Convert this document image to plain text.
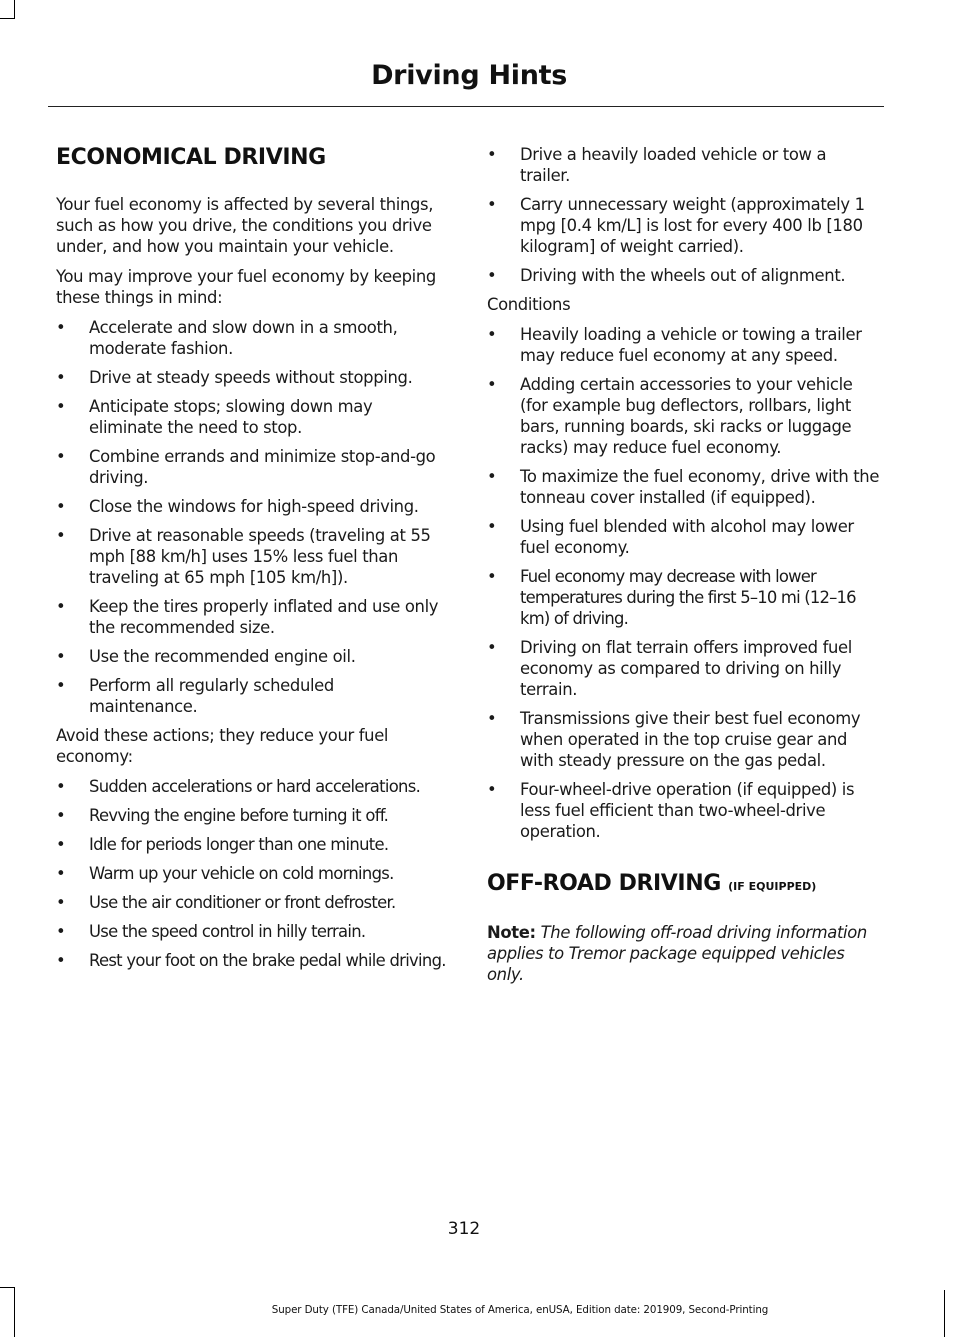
Driving Hints
ECONOMICAL DRIVING

Your fuel economy is affected by several things, such as how you drive, the conditions you drive under, and how you maintain your vehicle.

You may improve your fuel economy by keeping these things in mind:

• Accelerate and slow down in a smooth, moderate fashion.
• Drive at steady speeds without stopping.
• Anticipate stops; slowing down may eliminate the need to stop.
• Combine errands and minimize stop-and-go driving.
• Close the windows for high-speed driving.
• Drive at reasonable speeds (traveling at 55 mph [88 km/h] uses 15% less fuel than traveling at 65 mph [105 km/h]).
• Keep the tires properly inflated and use only the recommended size.
• Use the recommended engine oil.
• Perform all regularly scheduled maintenance.

Avoid these actions; they reduce your fuel economy:

• Sudden accelerations or hard accelerations.
• Revving the engine before turning it off.
• Idle for periods longer than one minute.
• Warm up your vehicle on cold mornings.
• Use the air conditioner or front defroster.
• Use the speed control in hilly terrain.
• Rest your foot on the brake pedal while driving.
• Drive a heavily loaded vehicle or tow a trailer.
• Carry unnecessary weight (approximately 1 mpg [0.4 km/L] is lost for every 400 lb [180 kilogram] of weight carried).
• Driving with the wheels out of alignment.

Conditions

• Heavily loading a vehicle or towing a trailer may reduce fuel economy at any speed.
• Adding certain accessories to your vehicle (for example bug deflectors, rollbars, light bars, running boards, ski racks or luggage racks) may reduce fuel economy.
• To maximize the fuel economy, drive with the tonneau cover installed (if equipped).
• Using fuel blended with alcohol may lower fuel economy.
• Fuel economy may decrease with lower temperatures during the first 5–10 mi (12–16 km) of driving.
• Driving on flat terrain offers improved fuel economy as compared to driving on hilly terrain.
• Transmissions give their best fuel economy when operated in the top cruise gear and with steady pressure on the gas pedal.
• Four-wheel-drive operation (if equipped) is less fuel efficient than two-wheel-drive operation.
OFF-ROAD DRIVING (IF EQUIPPED)

Note: The following off-road driving information applies to Tremor package equipped vehicles only.

312
Super Duty (TFE) Canada/United States of America, enUSA, Edition date: 201909, Second-Printing
